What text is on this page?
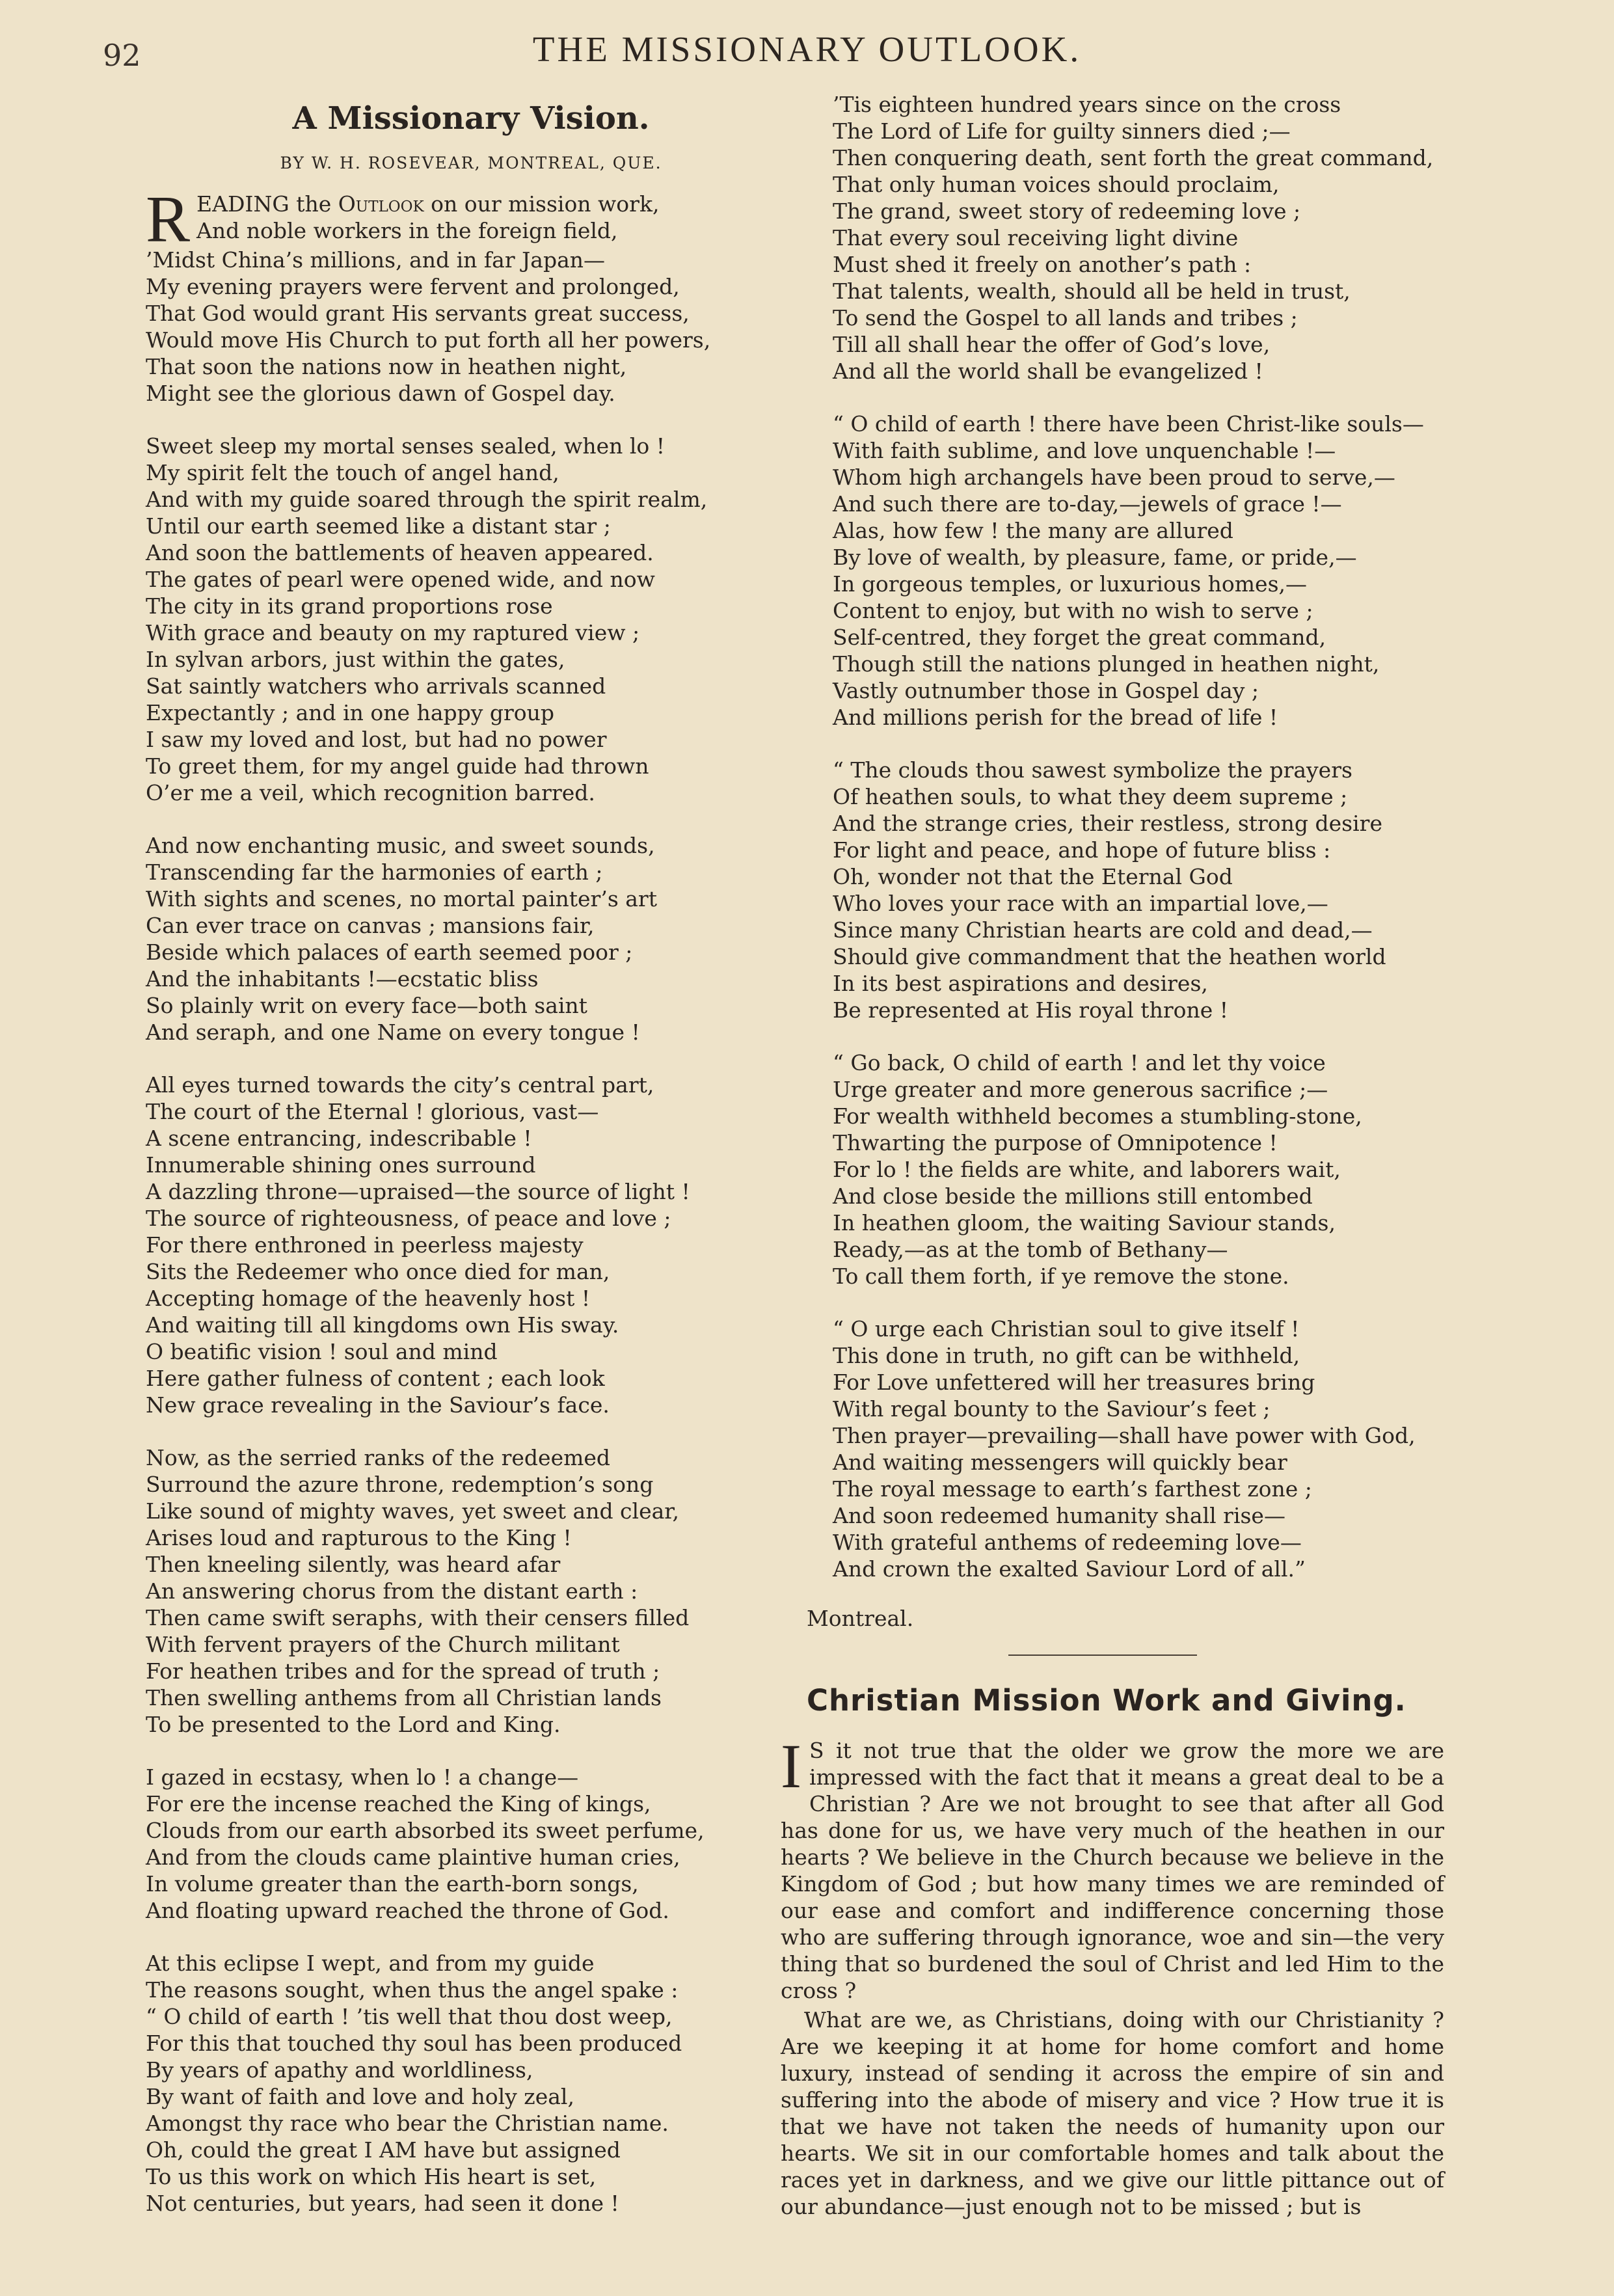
92	THE MISSIONARY OUTLOOK.
A Missionary Vision.
BY W. H. ROSEVEAR, MONTREAL, QUE.
R EADING the Outlook on our mission work,
And noble workers in the foreign field,
’Midst China’s millions, and in far Japan—
My evening prayers were fervent and prolonged,
That God would grant His servants great success,
Would move His Church to put forth all her powers,
That soon the nations now in heathen night,
Might see the glorious dawn of Gospel day.
Sweet sleep my mortal senses sealed, when lo !
My spirit felt the touch of angel hand,
And with my guide soared through the spirit realm,
Until our earth seemed like a distant star ;
And soon the battlements of heaven appeared.
The gates of pearl were opened wide, and now
The city in its grand proportions rose
With grace and beauty on my raptured view ;
In sylvan arbors, just within the gates,
Sat saintly watchers who arrivals scanned
Expectantly ; and in one happy group
I saw my loved and lost, but had no power
To greet them, for my angel guide had thrown
O’er me a veil, which recognition barred.
And now enchanting music, and sweet sounds,
Transcending far the harmonies of earth ;
With sights and scenes, no mortal painter’s art
Can ever trace on canvas ; mansions fair,
Beside which palaces of earth seemed poor ;
And the inhabitants !—ecstatic bliss
So plainly writ on every face—both saint
And seraph, and one Name on every tongue !
All eyes turned towards the city’s central part,
The court of the Eternal ! glorious, vast—
A scene entrancing, indescribable !
Innumerable shining ones surround
A dazzling throne—upraised—the source of light !
The source of righteousness, of peace and love ;
For there enthroned in peerless majesty
Sits the Redeemer who once died for man,
Accepting homage of the heavenly host !
And waiting till all kingdoms own His sway.
O beatific vision ! soul and mind
Here gather fulness of content ; each look
New grace revealing in the Saviour’s face.
Now, as the serried ranks of the redeemed
Surround the azure throne, redemption’s song
Like sound of mighty waves, yet sweet and clear,
Arises loud and rapturous to the King !
Then kneeling silently, was heard afar
An answering chorus from the distant earth :
Then came swift seraphs, with their censers filled
With fervent prayers of the Church militant
For heathen tribes and for the spread of truth ;
Then swelling anthems from all Christian lands
To be presented to the Lord and King.
I gazed in ecstasy, when lo ! a change—
For ere the incense reached the King of kings,
Clouds from our earth absorbed its sweet perfume,
And from the clouds came plaintive human cries,
In volume greater than the earth-born songs,
And floating upward reached the throne of God.
At this eclipse I wept, and from my guide
The reasons sought, when thus the angel spake :
“ O child of earth ! ’tis well that thou dost weep,
For this that touched thy soul has been produced
By years of apathy and worldliness,
By want of faith and love and holy zeal,
Amongst thy race who bear the Christian name.
Oh, could the great I AM have but assigned
To us this work on which His heart is set,
Not centuries, but years, had seen it done !
’Tis eighteen hundred years since on the cross
The Lord of Life for guilty sinners died ;—
Then conquering death, sent forth the great command,
That only human voices should proclaim,
The grand, sweet story of redeeming love ;
That every soul receiving light divine
Must shed it freely on another’s path :
That talents, wealth, should all be held in trust,
To send the Gospel to all lands and tribes ;
Till all shall hear the offer of God’s love,
And all the world shall be evangelized !
“ O child of earth ! there have been Christ-like souls—
With faith sublime, and love unquenchable !—
Whom high archangels have been proud to serve,—
And such there are to-day,—jewels of grace !—
Alas, how few ! the many are allured
By love of wealth, by pleasure, fame, or pride,—
In gorgeous temples, or luxurious homes,—
Content to enjoy, but with no wish to serve ;
Self-centred, they forget the great command,
Though still the nations plunged in heathen night,
Vastly outnumber those in Gospel day ;
And millions perish for the bread of life !
“ The clouds thou sawest symbolize the prayers
Of heathen souls, to what they deem supreme ;
And the strange cries, their restless, strong desire
For light and peace, and hope of future bliss :
Oh, wonder not that the Eternal God
Who loves your race with an impartial love,—
Since many Christian hearts are cold and dead,—
Should give commandment that the heathen world
In its best aspirations and desires,
Be represented at His royal throne !
“ Go back, O child of earth ! and let thy voice
Urge greater and more generous sacrifice ;—
For wealth withheld becomes a stumbling-stone,
Thwarting the purpose of Omnipotence !
For lo ! the fields are white, and laborers wait,
And close beside the millions still entombed
In heathen gloom, the waiting Saviour stands,
Ready,—as at the tomb of Bethany—
To call them forth, if ye remove the stone.
“ O urge each Christian soul to give itself !
This done in truth, no gift can be withheld,
For Love unfettered will her treasures bring
With regal bounty to the Saviour’s feet ;
Then prayer—prevailing—shall have power with God,
And waiting messengers will quickly bear
The royal message to earth’s farthest zone ;
And soon redeemed humanity shall rise—
With grateful anthems of redeeming love—
And crown the exalted Saviour Lord of all.”
Montreal.
Christian Mission Work and Giving.

I S it not true that the older we grow the more we are impressed with the fact that it means a great deal to be a Christian ? Are we not brought to see that after all God has done for us, we have very much of the heathen in our hearts ? We believe in the Church because we believe in the Kingdom of God ; but how many times we are reminded of our ease and comfort and indifference concerning those who are suffering through ignorance, woe and sin—the very thing that so burdened the soul of Christ and led Him to the cross ?

What are we, as Christians, doing with our Christianity ? Are we keeping it at home for home comfort and home luxury, instead of sending it across the empire of sin and suffering into the abode of misery and vice ? How true it is that we have not taken the needs of humanity upon our hearts. We sit in our comfortable homes and talk about the races yet in darkness, and we give our little pittance out of our abundance—just enough not to be missed ; but is
